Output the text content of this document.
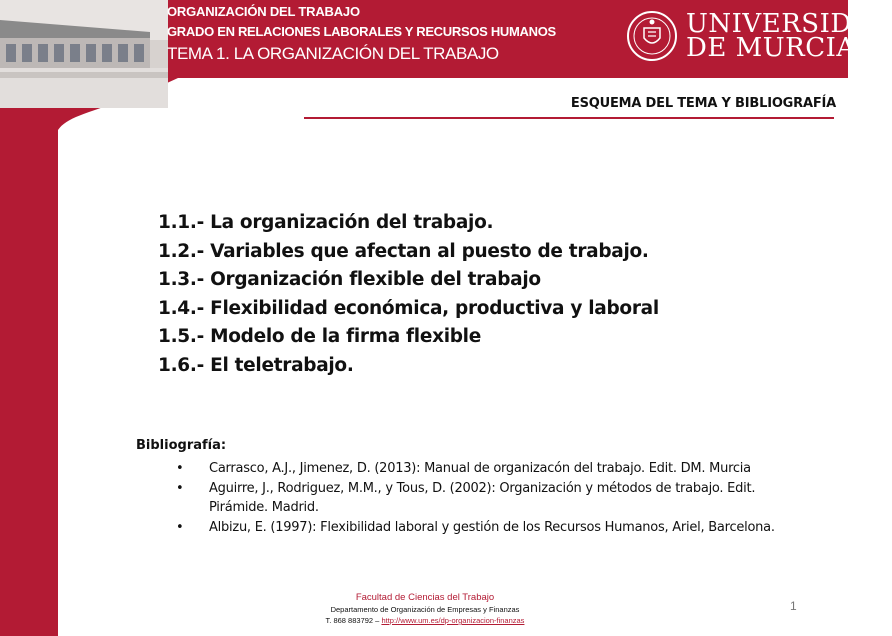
ORGANIZACIÓN DEL TRABAJO
GRADO EN RELACIONES LABORALES Y RECURSOS HUMANOS
TEMA 1. LA ORGANIZACIÓN DEL TRABAJO
UNIVERSIDAD
DE MURCIA
ESQUEMA DEL TEMA Y BIBLIOGRAFÍA
1.1.- La organización del trabajo.
1.2.- Variables que afectan al puesto de trabajo.
1.3.- Organización flexible del trabajo
1.4.- Flexibilidad económica, productiva y laboral
1.5.- Modelo de la firma flexible
1.6.- El teletrabajo.
Bibliografía:
•	Carrasco, A.J., Jimenez, D. (2013): Manual de organizacón del trabajo. Edit. DM. Murcia
•	Aguirre, J., Rodriguez, M.M., y Tous, D. (2002): Organización y métodos de trabajo. Edit. Pirámide. Madrid.
•	Albizu, E. (1997): Flexibilidad laboral y gestión de los Recursos Humanos, Ariel, Barcelona.
Facultad de Ciencias del Trabajo
Departamento de Organización de Empresas y Finanzas
T. 868 883792 – http://www.um.es/dp-organizacion-finanzas
1
